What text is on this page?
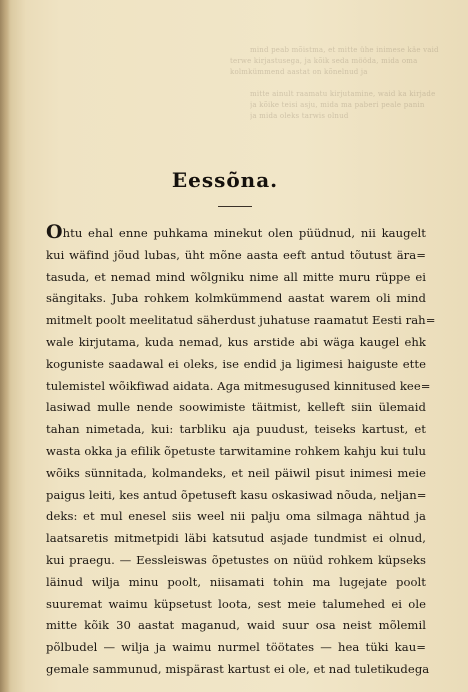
mind peab mõistma, et mitte ühe inimese käe vaid
terwe kirjastusega, ja kõik seda mööda, mida oma
kolmkümmend aastat on kõnelnud ja
mitte ainult raamatu kirjutamine, waid ka kirjade
ja kõike teisi asju, mida ma paberi peale panin
ja mida oleks tarwis olnud
Eessõna.
Ohtu ehal enne puhkama minekut olen püüdnud, nii kaugelt
kui wäfind jõud lubas, üht mõne aasta eeft antud tõutust ära=
tasuda, et nemad mind wõlgniku nime all mitte muru rüppe ei
sängitaks. Juba rohkem kolmkümmend aastat warem oli mind
mitmelt poolt meelitatud säherdust juhatuse raamatut Eesti rah=
wale kirjutama, kuda nemad, kus arstide abi wäga kaugel ehk
koguniste saadawal ei oleks, ise endid ja ligimesi haiguste ette
tulemistel wõikfiwad aidata. Aga mitmesugused kinnitused kee=
lasiwad mulle nende soowimiste täitmist, kelleft siin ülemaid
tahan nimetada, kui: tarbliku aja puudust, teiseks kartust, et
wasta okka ja efilik õpetuste tarwitamine rohkem kahju kui tulu
wõiks sünnitada, kolmandeks, et neil päiwil pisut inimesi meie
paigus leiti, kes antud õpetuseft kasu oskasiwad nõuda, neljan=
deks: et mul enesel siis weel nii palju oma silmaga nähtud ja
laatsaretis mitmetpidi läbi katsutud asjade tundmist ei olnud,
kui praegu. — Eessleiswas õpetustes on nüüd rohkem küpseks
läinud wilja minu poolt, niisamati tohin ma lugejate poolt
suuremat waimu küpsetust loota, sest meie talumehed ei ole
mitte kõik 30 aastat maganud, waid suur osa neist mõlemil
põlbudel — wilja ja waimu nurmel töötates — hea tüki kau=
gemale sammunud, mispärast kartust ei ole, et nad tuletikudega
